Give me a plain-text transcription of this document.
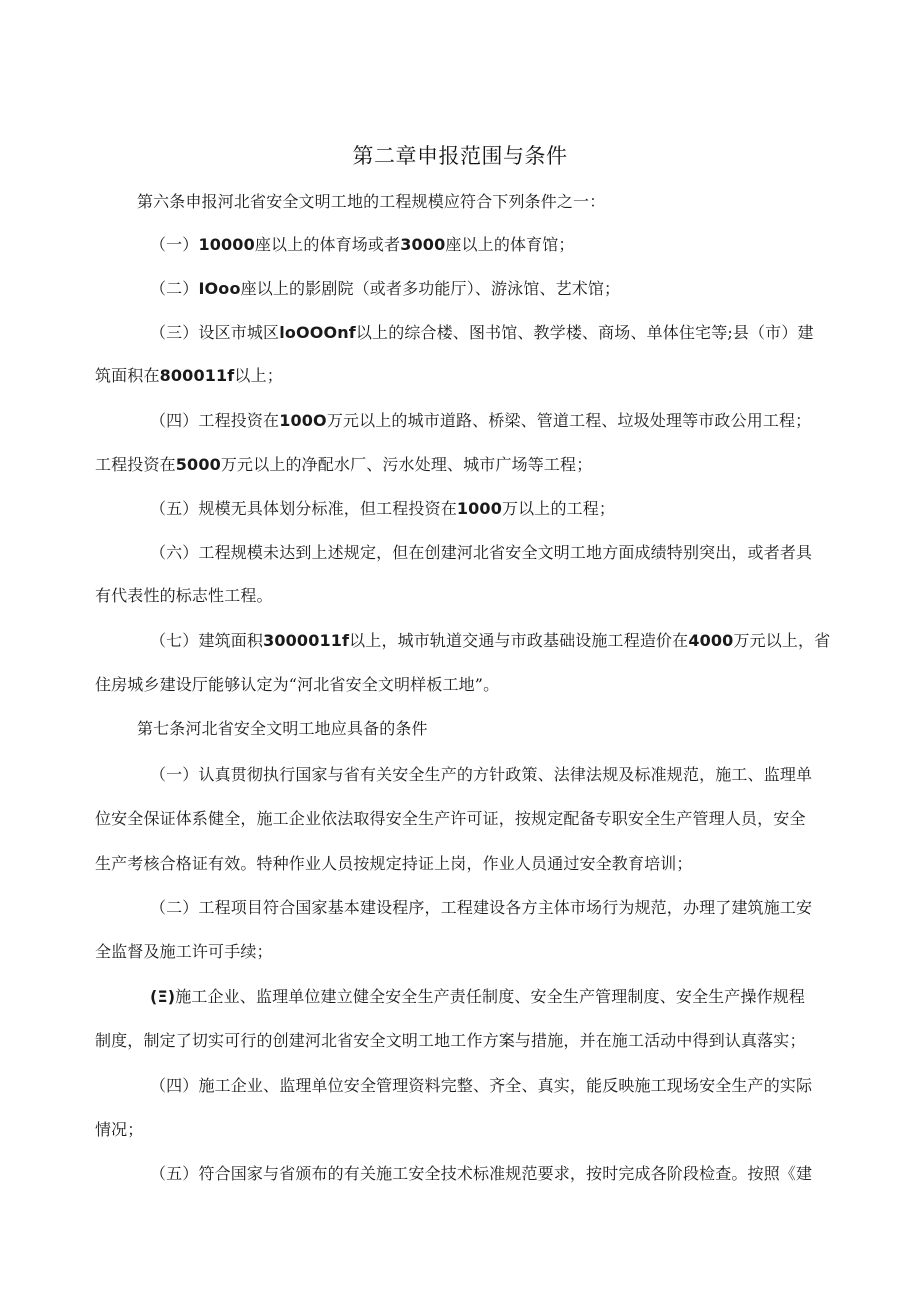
第二章申报范围与条件
第六条申报河北省安全文明工地的工程规模应符合下列条件之一：
（一）10000座以上的体育场或者3000座以上的体育馆；
（二）IOoo座以上的影剧院（或者多功能厅）、游泳馆、艺术馆；
（三）设区市城区loOOOnf以上的综合楼、图书馆、教学楼、商场、单体住宅等;县（市）建
筑面积在800011f以上；
（四）工程投资在100O万元以上的城市道路、桥梁、管道工程、垃圾处理等市政公用工程；
工程投资在5000万元以上的净配水厂、污水处理、城市广场等工程；
（五）规模无具体划分标准，但工程投资在1000万以上的工程；
（六）工程规模未达到上述规定，但在创建河北省安全文明工地方面成绩特别突出，或者者具
有代表性的标志性工程。
（七）建筑面积3000011f以上，城市轨道交通与市政基础设施工程造价在4000万元以上，省
住房城乡建设厅能够认定为“河北省安全文明样板工地”。
第七条河北省安全文明工地应具备的条件
（一）认真贯彻执行国家与省有关安全生产的方针政策、法律法规及标准规范，施工、监理单
位安全保证体系健全，施工企业依法取得安全生产许可证，按规定配备专职安全生产管理人员，安全
生产考核合格证有效。特种作业人员按规定持证上岗，作业人员通过安全教育培训；
（二）工程项目符合国家基本建设程序，工程建设各方主体市场行为规范，办理了建筑施工安
全监督及施工许可手续；
(Ξ)施工企业、监理单位建立健全安全生产责任制度、安全生产管理制度、安全生产操作规程
制度，制定了切实可行的创建河北省安全文明工地工作方案与措施，并在施工活动中得到认真落实；
（四）施工企业、监理单位安全管理资料完整、齐全、真实，能反映施工现场安全生产的实际
情况；
（五）符合国家与省颁布的有关施工安全技术标准规范要求，按时完成各阶段检查。按照《建
